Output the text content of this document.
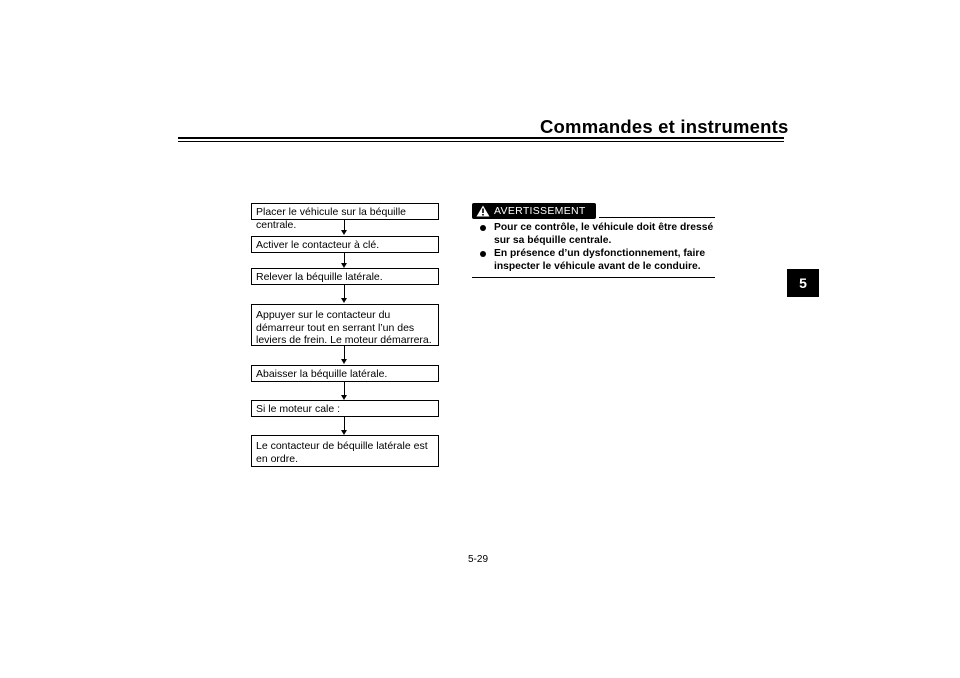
Commandes et instruments
5
Placer le véhicule sur la béquille centrale.
Activer le contacteur à clé.
Relever la béquille latérale.
Appuyer sur le contacteur du démarreur tout en serrant l’un des leviers de frein. Le moteur démarrera.
Abaisser la béquille latérale.
Si le moteur cale :
Le contacteur de béquille latérale est en ordre.
AVERTISSEMENT
Pour ce contrôle, le véhicule doit être dressé sur sa béquille centrale.
En présence d’un dysfonctionnement, faire inspecter le véhicule avant de le conduire.
5-29
